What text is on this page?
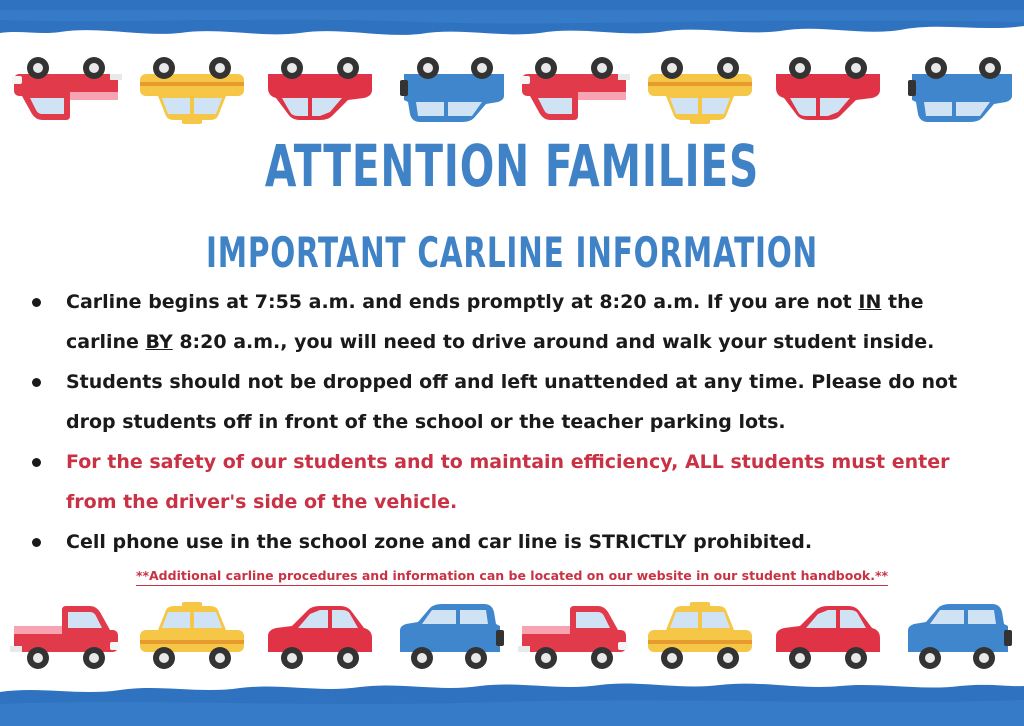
ATTENTION FAMILIES
IMPORTANT CARLINE INFORMATION
Carline begins at 7:55 a.m. and ends promptly at 8:20 a.m. If you are not IN the carline BY 8:20 a.m., you will need to drive around and walk your student inside.
Students should not be dropped off and left unattended at any time. Please do not drop students off in front of the school or the teacher parking lots.
For the safety of our students and to maintain efficiency, ALL students must enter from the driver's side of the vehicle.
Cell phone use in the school zone and car line is STRICTLY prohibited.
**Additional carline procedures and information can be located on our website in our student handbook.**
